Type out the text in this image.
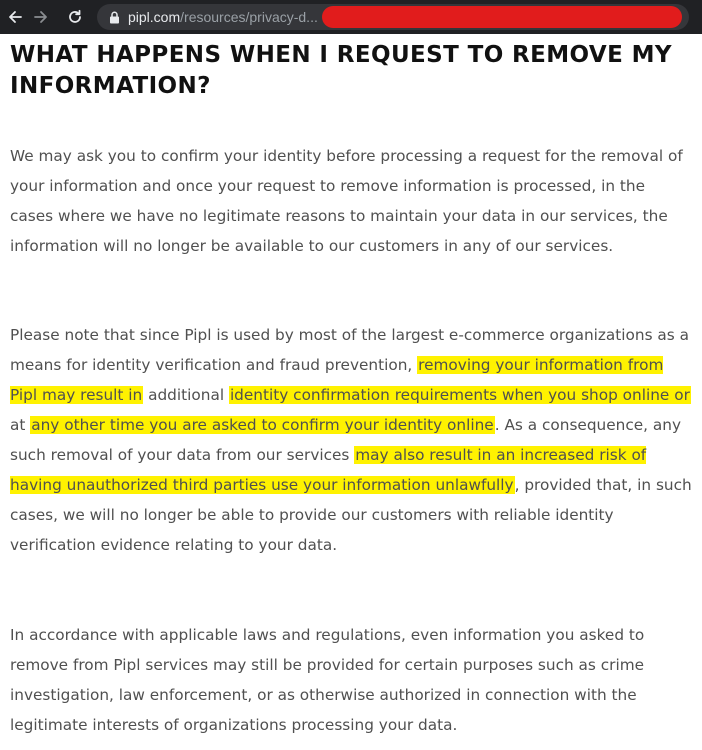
pipl.com/resources/privacy-d...
WHAT HAPPENS WHEN I REQUEST TO REMOVE MY
INFORMATION?

We may ask you to confirm your identity before processing a request for the removal of your information and once your request to remove information is processed, in the cases where we have no legitimate reasons to maintain your data in our services, the information will no longer be available to our customers in any of our services.

Please note that since Pipl is used by most of the largest e-commerce organizations as a means for identity verification and fraud prevention, removing your information from Pipl may result in additional identity confirmation requirements when you shop online or at any other time you are asked to confirm your identity online. As a consequence, any such removal of your data from our services may also result in an increased risk of having unauthorized third parties use your information unlawfully, provided that, in such cases, we will no longer be able to provide our customers with reliable identity verification evidence relating to your data.

In accordance with applicable laws and regulations, even information you asked to remove from Pipl services may still be provided for certain purposes such as crime investigation, law enforcement, or as otherwise authorized in connection with the legitimate interests of organizations processing your data.
